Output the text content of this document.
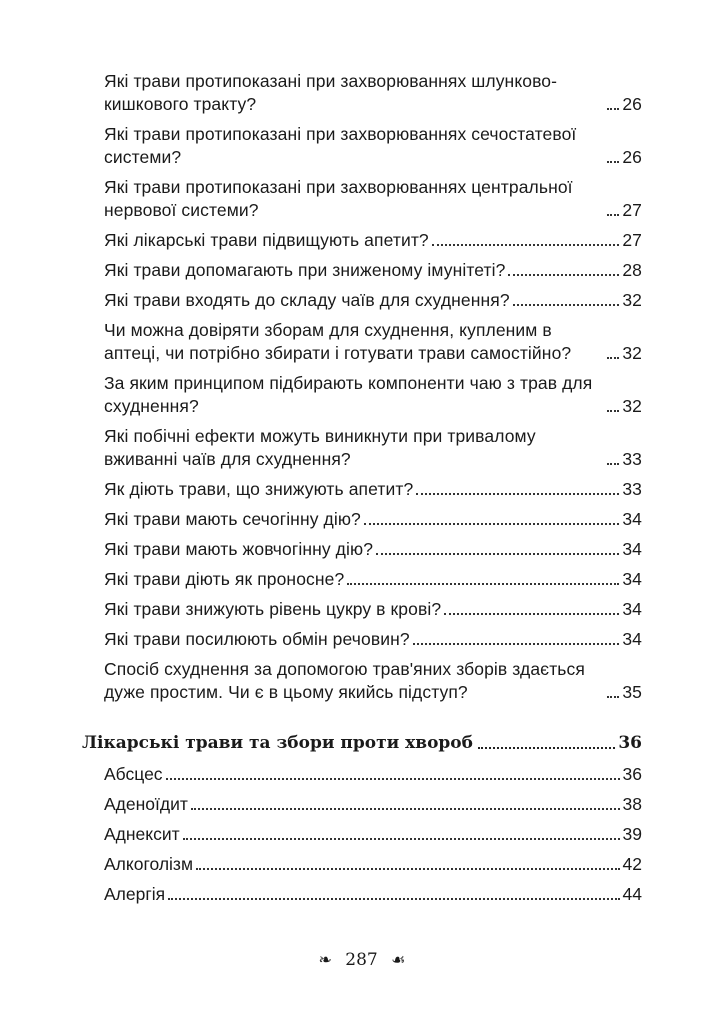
Які трави протипоказані при захворюваннях шлунково-кишкового тракту?	26
Які трави протипоказані при захворюваннях сечостатевої системи?	26
Які трави протипоказані при захворюваннях центральної нервової системи?	27
Які лікарські трави підвищують апетит?	27
Які трави допомагають при зниженому імунітеті?	28
Які трави входять до складу чаїв для схуднення?	32
Чи можна довіряти зборам для схуднення, купленим в аптеці, чи потрібно збирати і готувати трави самостійно?	32
За яким принципом підбирають компоненти чаю з трав для схуднення?	32
Які побічні ефекти можуть виникнути при тривалому вживанні чаїв для схуднення?	33
Як діють трави, що знижують апетит?	33
Які трави мають сечогінну дію?	34
Які трави мають жовчогінну дію?	34
Які трави діють як проносне?	34
Які трави знижують рівень цукру в крові?	34
Які трави посилюють обмін речовин?	34
Спосіб схуднення за допомогою трав'яних зборів здається дуже простим. Чи є в цьому якийсь підступ?	35
Лікарські трави та збори проти хвороб	36
Абсцес	36
Аденоїдит	38
Аднексит	39
Алкоголізм	42
Алергія	44
❧ 287 ☙
